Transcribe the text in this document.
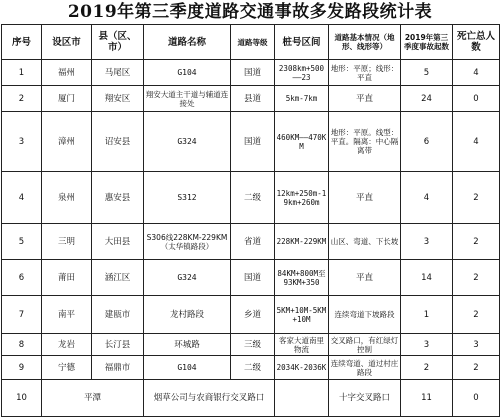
2019年第三季度道路交通事故多发路段统计表
序号	设区市	县（区、市）	道路名称	道路等级	桩号区间	道路基本情况（地形、线形等）	2019年第三季度事故起数	死亡总人数
1	福州	马尾区	G104	国道	2308km+500——23	地形：平原；线形：平直	5	4
2	厦门	翔安区	翔安大道主干道与辅道连接处	县道	5km-7km	平直	24	0
3	漳州	诏安县	G324	国道	460KM——470KM	地形：平原。线型：平直。隔离：中心隔离带	6	4
4	泉州	惠安县	S312	二级	12km+250m-19km+260m	平直	4	2
5	三明	大田县	S306线228KM-229KM（太华镇路段）	省道	228KM-229KM	山区、弯道、下长坡	3	2
6	莆田	涵江区	G324	国道	84KM+800M至93KM+350	平直	14	2
7	南平	建瓯市	龙村路段	乡道	5KM+10M-5KM+10M	连续弯道下坡路段	1	2
8	龙岩	长汀县	环城路	三级	客家大道南里物流	交叉路口，有红绿灯控制	3	3
9	宁德	福鼎市	G104	二级	2034K-2036K	连续弯道、道过村庄路段	2	2
10	平潭		烟草公司与农商银行交叉路口			十字交叉路口	11	0
